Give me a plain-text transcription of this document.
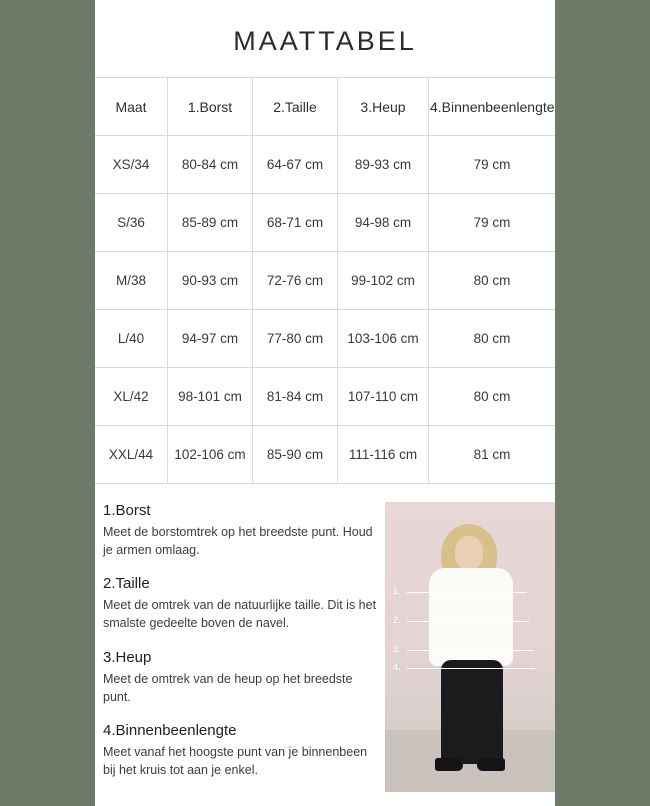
MAATTABEL
Maat	1.Borst	2.Taille	3.Heup	4.Binnenbeenlengte
XS/34	80-84 cm	64-67 cm	89-93 cm	79 cm
S/36	85-89 cm	68-71 cm	94-98 cm	79 cm
M/38	90-93 cm	72-76 cm	99-102 cm	80 cm
L/40	94-97 cm	77-80 cm	103-106 cm	80 cm
XL/42	98-101 cm	81-84 cm	107-110 cm	80 cm
XXL/44	102-106 cm	85-90 cm	111-116 cm	81 cm

1.Borst

Meet de borstomtrek op het breedste punt. Houd je armen omlaag.

2.Taille

Meet de omtrek van de natuurlijke taille. Dit is het smalste gedeelte boven de navel.

3.Heup

Meet de omtrek van de heup op het breedste punt.

4.Binnenbeenlengte

Meet vanaf het hoogste punt van je binnenbeen bij het kruis tot aan je enkel.

1.
2.
3.
4.
